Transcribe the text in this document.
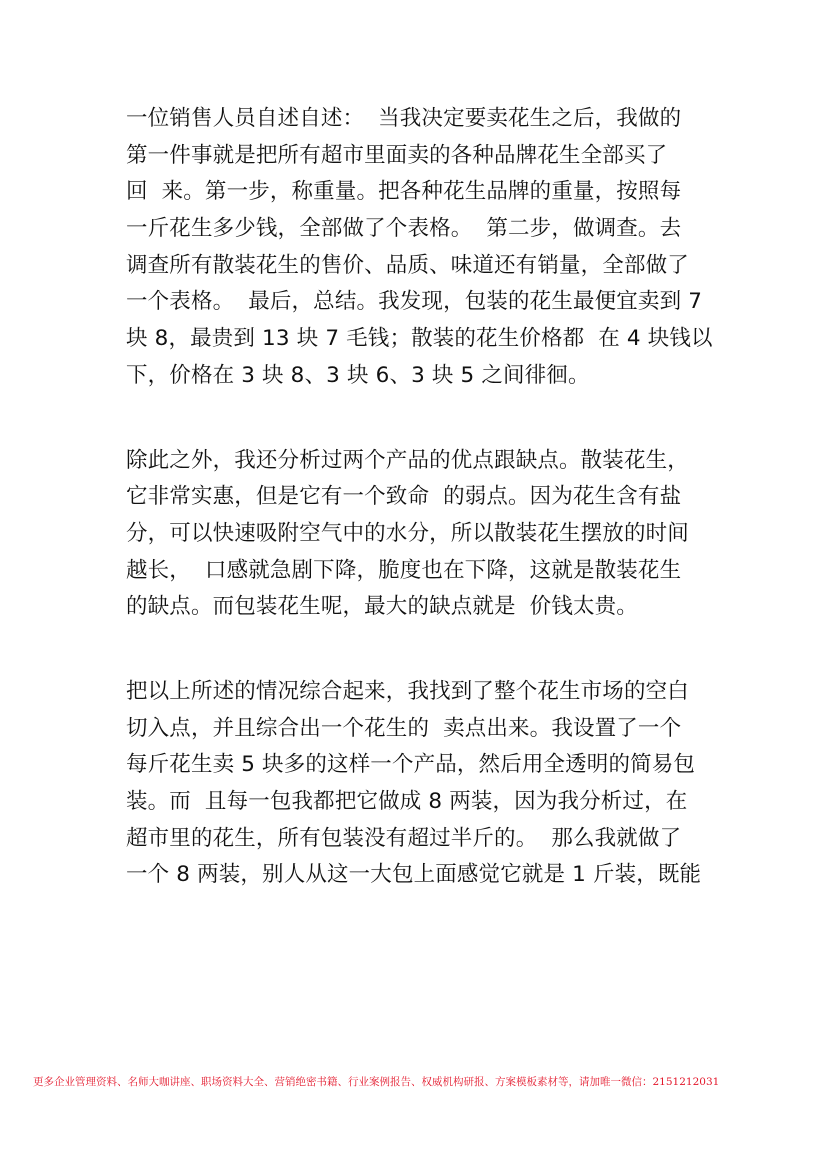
一位销售人员自述自述：  当我决定要卖花生之后，我做的
第一件事就是把所有超市里面卖的各种品牌花生全部买了
回  来。第一步，称重量。把各种花生品牌的重量，按照每
一斤花生多少钱，全部做了个表格。  第二步，做调查。去
调查所有散装花生的售价、品质、味道还有销量，全部做了
一个表格。  最后，总结。我发现，包装的花生最便宜卖到 7
块 8，最贵到 13 块 7 毛钱；散装的花生价格都  在 4 块钱以
下，价格在 3 块 8、3 块 6、3 块 5 之间徘徊。
除此之外，我还分析过两个产品的优点跟缺点。散装花生，
它非常实惠，但是它有一个致命  的弱点。因为花生含有盐
分，可以快速吸附空气中的水分，所以散装花生摆放的时间
越长，  口感就急剧下降，脆度也在下降，这就是散装花生
的缺点。而包装花生呢，最大的缺点就是  价钱太贵。
把以上所述的情况综合起来，我找到了整个花生市场的空白
切入点，并且综合出一个花生的  卖点出来。我设置了一个
每斤花生卖 5 块多的这样一个产品，然后用全透明的简易包
装。而  且每一包我都把它做成 8 两装，因为我分析过，在
超市里的花生，所有包装没有超过半斤的。  那么我就做了
一个 8 两装，别人从这一大包上面感觉它就是 1 斤装，既能
更多企业管理资料、名师大咖讲座、职场资料大全、营销绝密书籍、行业案例报告、权威机构研报、方案模板素材等，请加唯一微信：2151212031
